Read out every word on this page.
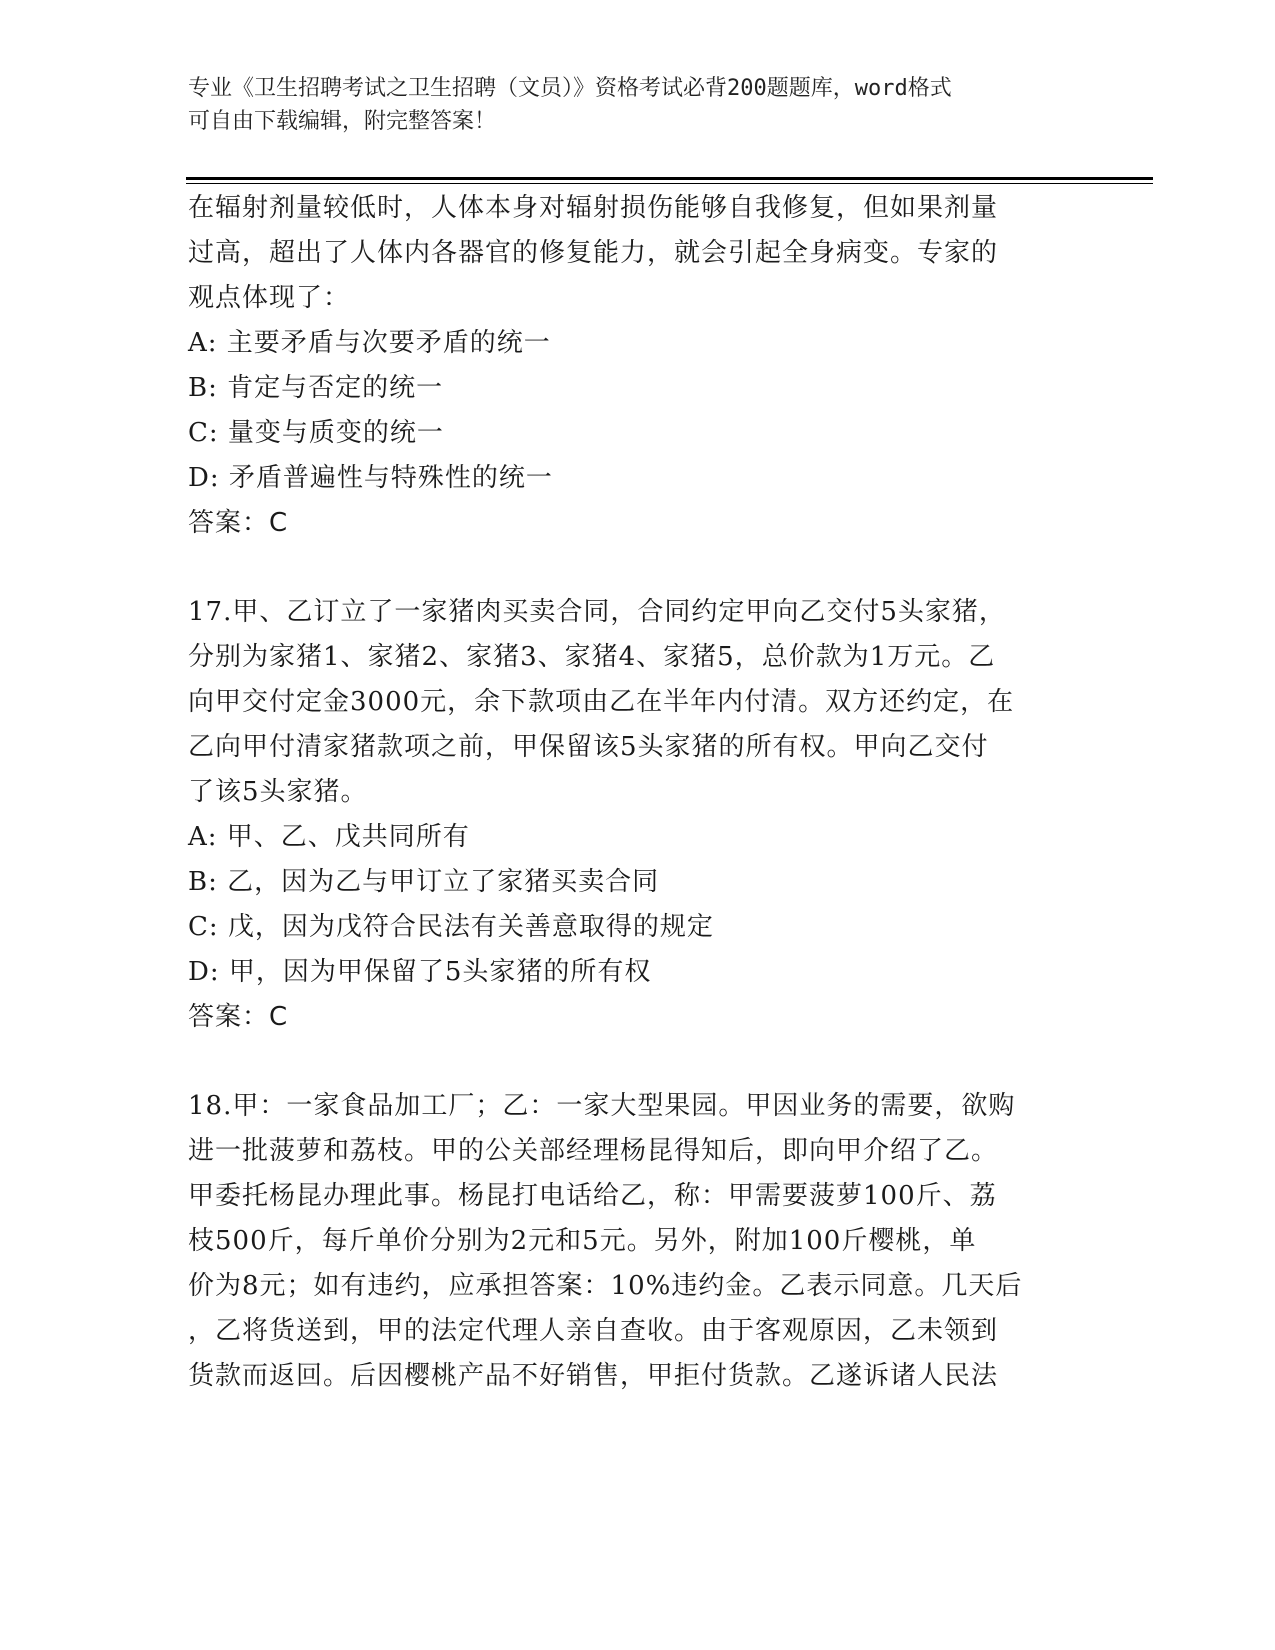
专业《卫生招聘考试之卫生招聘（文员）》资格考试必背200题题库，word格式
可自由下载编辑，附完整答案！
在辐射剂量较低时，人体本身对辐射损伤能够自我修复，但如果剂量
过高，超出了人体内各器官的修复能力，就会引起全身病变。专家的
观点体现了：
A: 主要矛盾与次要矛盾的统一
B: 肯定与否定的统一
C: 量变与质变的统一
D: 矛盾普遍性与特殊性的统一
答案：C
17.甲、乙订立了一家猪肉买卖合同，合同约定甲向乙交付5头家猪，
分别为家猪1、家猪2、家猪3、家猪4、家猪5，总价款为1万元。乙
向甲交付定金3000元，余下款项由乙在半年内付清。双方还约定，在
乙向甲付清家猪款项之前，甲保留该5头家猪的所有权。甲向乙交付
了该5头家猪。
A: 甲、乙、戊共同所有
B: 乙，因为乙与甲订立了家猪买卖合同
C: 戊，因为戊符合民法有关善意取得的规定
D: 甲，因为甲保留了5头家猪的所有权
答案：C
18.甲：一家食品加工厂；乙：一家大型果园。甲因业务的需要，欲购
进一批菠萝和荔枝。甲的公关部经理杨昆得知后，即向甲介绍了乙。
甲委托杨昆办理此事。杨昆打电话给乙，称：甲需要菠萝100斤、荔
枝500斤，每斤单价分别为2元和5元。另外，附加100斤樱桃，单
价为8元；如有违约，应承担答案：10%违约金。乙表示同意。几天后
，乙将货送到，甲的法定代理人亲自查收。由于客观原因，乙未领到
货款而返回。后因樱桃产品不好销售，甲拒付货款。乙遂诉诸人民法
